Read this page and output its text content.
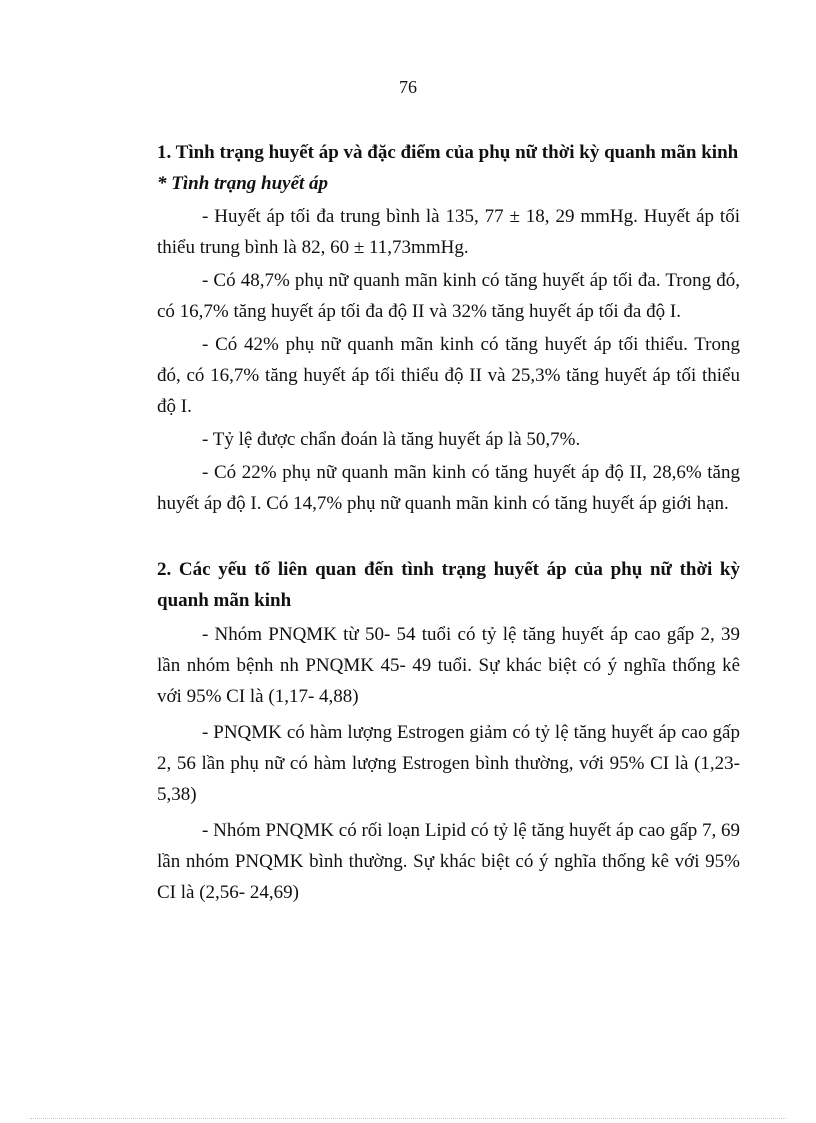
76

1. Tình trạng huyết áp và đặc điểm của phụ nữ thời kỳ quanh mãn kinh

* Tình trạng huyết áp

- Huyết áp tối đa trung bình là 135, 77 ± 18, 29 mmHg. Huyết áp tối thiểu trung bình là 82, 60 ± 11,73mmHg.

- Có 48,7% phụ nữ quanh mãn kinh có tăng huyết áp tối đa. Trong đó, có 16,7% tăng huyết áp tối đa độ II và 32% tăng huyết áp tối đa độ I.

- Có 42% phụ nữ quanh mãn kinh có tăng huyết áp tối thiểu. Trong đó, có 16,7% tăng huyết áp tối thiểu độ II và 25,3% tăng huyết áp tối thiểu độ I.

- Tỷ lệ được chẩn đoán là tăng huyết áp là 50,7%.

- Có 22% phụ nữ quanh mãn kinh có tăng huyết áp độ II, 28,6% tăng huyết áp độ I. Có 14,7% phụ nữ quanh mãn kinh có tăng huyết áp giới hạn.

2. Các yếu tố liên quan đến tình trạng huyết áp của phụ nữ thời kỳ quanh mãn kinh

- Nhóm PNQMK từ 50- 54 tuổi có tỷ lệ tăng huyết áp cao gấp 2, 39 lần nhóm bệnh nh PNQMK 45- 49 tuổi. Sự khác biệt có ý nghĩa thống kê với 95% CI là (1,17- 4,88)

- PNQMK có hàm lượng Estrogen giảm có tỷ lệ tăng huyết áp cao gấp 2, 56 lần phụ nữ có hàm lượng Estrogen bình thường, với 95% CI là (1,23- 5,38)

- Nhóm PNQMK có rối loạn Lipid có tỷ lệ tăng huyết áp cao gấp 7, 69 lần nhóm PNQMK bình thường. Sự khác biệt có ý nghĩa thống kê với 95% CI là (2,56- 24,69)
